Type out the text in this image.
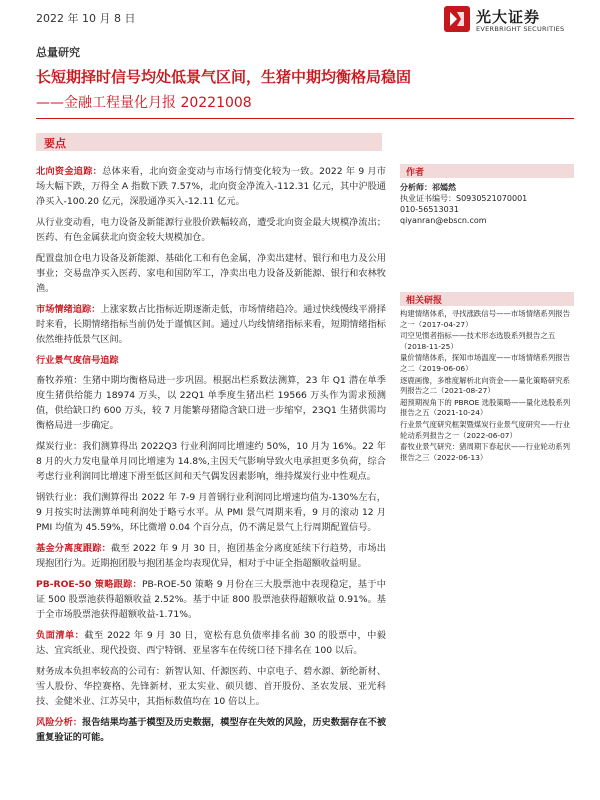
2022 年 10 月 8 日	光大证券
EVERBRIGHT SECURITIES
总量研究
长短期择时信号均处低景气区间，生猪中期均衡格局稳固
——金融工程量化月报 20221008
要点

北向资金追踪：总体来看，北向资金变动与市场行情变化较为一致。2022 年 9 月市场大幅下跌，万得全 A 指数下跌 7.57%，北向资金净流入-112.31 亿元，其中沪股通净买入-100.20 亿元，深股通净买入-12.11 亿元。

从行业变动看，电力设备及新能源行业股价跌幅较高，遭受北向资金最大规模净流出；医药、有色金属获北向资金较大规模加仓。

配置盘加仓电力设备及新能源、基础化工和有色金属，净卖出建材、银行和电力及公用事业；交易盘净买入医药、家电和国防军工，净卖出电力设备及新能源、银行和农林牧渔。

市场情绪追踪：上涨家数占比指标近期逐渐走低，市场情绪趋冷。通过快线慢线平滑择时来看，长期情绪指标当前仍处于谨慎区间。通过八均线情绪指标来看，短期情绪指标依然维持低景气区间。

行业景气度信号追踪

畜牧养殖：生猪中期均衡格局进一步巩固。根据出栏系数法测算，23 年 Q1 潜在单季度生猪供给能力 18974 万头，以 22Q1 单季度生猪出栏 19566 万头作为需求预测值，供给缺口约 600 万头，较 7 月能繁母猪隐含缺口进一步缩窄，23Q1 生猪供需均衡格局进一步确定。

煤炭行业：我们测算得出 2022Q3 行业利润同比增速约 50%，10 月为 16%。22 年 8 月的火力发电量单月同比增速为 14.8%,主因天气影响导致火电承担更多负荷，综合考虑行业利润同比增速下滑至低区间和天气偶发因素影响，维持煤炭行业中性观点。

钢铁行业：我们测算得出 2022 年 7-9 月普钢行业利润同比增速均值为-130%左右，9 月按实时法测算单吨利润处于略亏水平。从 PMI 景气周期来看，9 月的滚动 12 月 PMI 均值为 45.59%，环比微增 0.04 个百分点，仍不满足景气上行周期配置信号。

基金分离度跟踪：截至 2022 年 9 月 30 日，抱团基金分离度延续下行趋势，市场出现抱团行为。近期抱团股与抱团基金均表现优异，相对于中证全指超额收益明显。

PB-ROE-50 策略跟踪：PB-ROE-50 策略 9 月份在三大股票池中表现稳定，基于中证 500 股票池获得超额收益 2.52%。基于中证 800 股票池获得超额收益 0.91%。基于全市场股票池获得超额收益-1.71%。

负面清单：截至 2022 年 9 月 30 日，宽松有息负债率排名前 30 的股票中，中毅达、宜宾纸业、现代投资、西宁特钢、亚星客车在传统口径下排名在 100 以后。

财务成本负担率较高的公司有：新智认知、仟源医药、中京电子、碧水源、新纶新材、雪人股份、华控赛格、先锋新材、亚太实业、硕贝德、首开股份、圣农发展、亚光科技、金健米业、江苏吴中，其指标数值均在 10 倍以上。

风险分析：报告结果均基于模型及历史数据，模型存在失效的风险，历史数据存在不被重复验证的可能。

作者
分析师：祁嫣然
执业证书编号：S0930521070001
010-56513031
qiyanran@ebscn.com
相关研报
构建情绪体系，寻找涨跌信号——市场情绪系列报告之一（2017-04-27）
司空见惯者指标——技术形态选股系列报告之五（2018-11-25）
量价情绪体系，探知市场温度——市场情绪系列报告之二（2019-06-06）
逐鹿画像，多维度解析北向资金——量化策略研究系列报告之二（2021-08-27）
超预期视角下的 PBROE 选股策略——量化选股系列报告之五（2021-10-24）
行业景气度研究框架暨煤炭行业景气度研究——行业轮动系列报告之一（2022-06-07）
畜牧业景气研究：猪周期下春起伏——行业轮动系列报告之三（2022-06-13）
